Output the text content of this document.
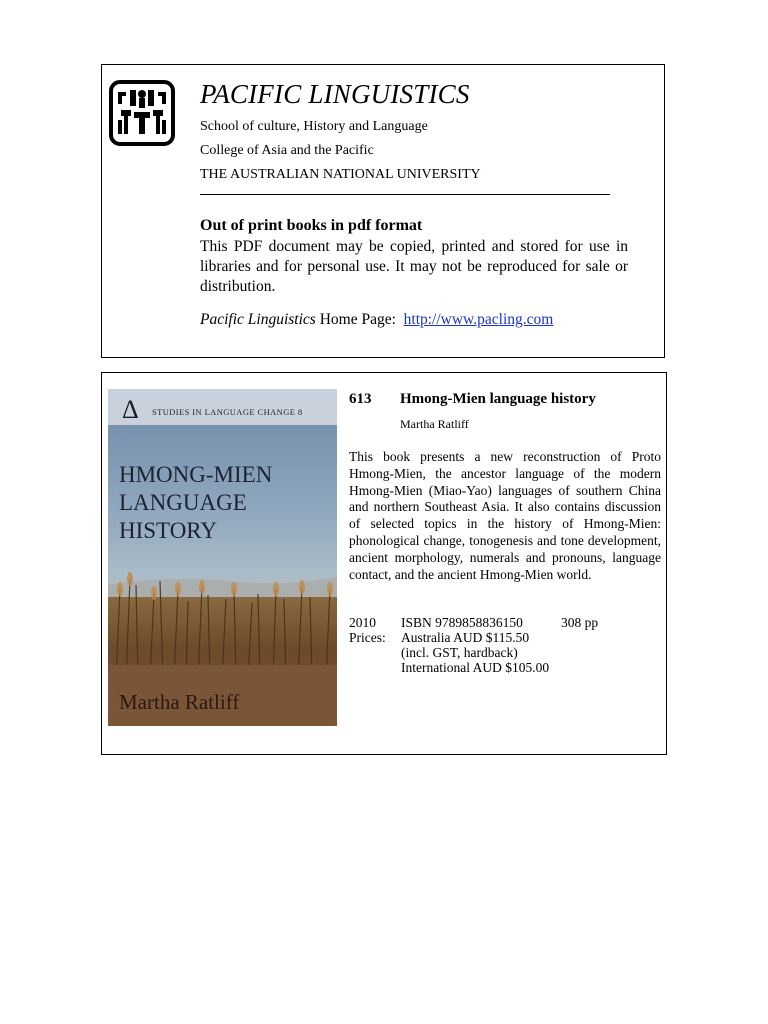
PACIFIC LINGUISTICS
School of culture, History and Language
College of Asia and the Pacific
THE AUSTRALIAN NATIONAL UNIVERSITY
Out of print books in pdf format
This PDF document may be copied, printed and stored for use in libraries and for personal use. It may not be reproduced for sale or distribution.
Pacific Linguistics Home Page:  http://www.pacling.com
Δ STUDIES IN LANGUAGE CHANGE 8
HMONG-MIEN
LANGUAGE
HISTORY
Martha Ratliff
613 Hmong-Mien language history
Martha Ratliff
This book presents a new reconstruction of Proto Hmong-Mien, the ancestor language of the modern Hmong-Mien (Miao-Yao) languages of southern China and northern Southeast Asia. It also contains discussion of selected topics in the history of Hmong-Mien: phonological change, tonogenesis and tone development, ancient morphology, numerals and pronouns, language contact, and the ancient Hmong-Mien world.
2010 ISBN 9789858836150	308 pp
Prices: Australia AUD $115.50
(incl. GST, hardback)
International AUD $105.00
